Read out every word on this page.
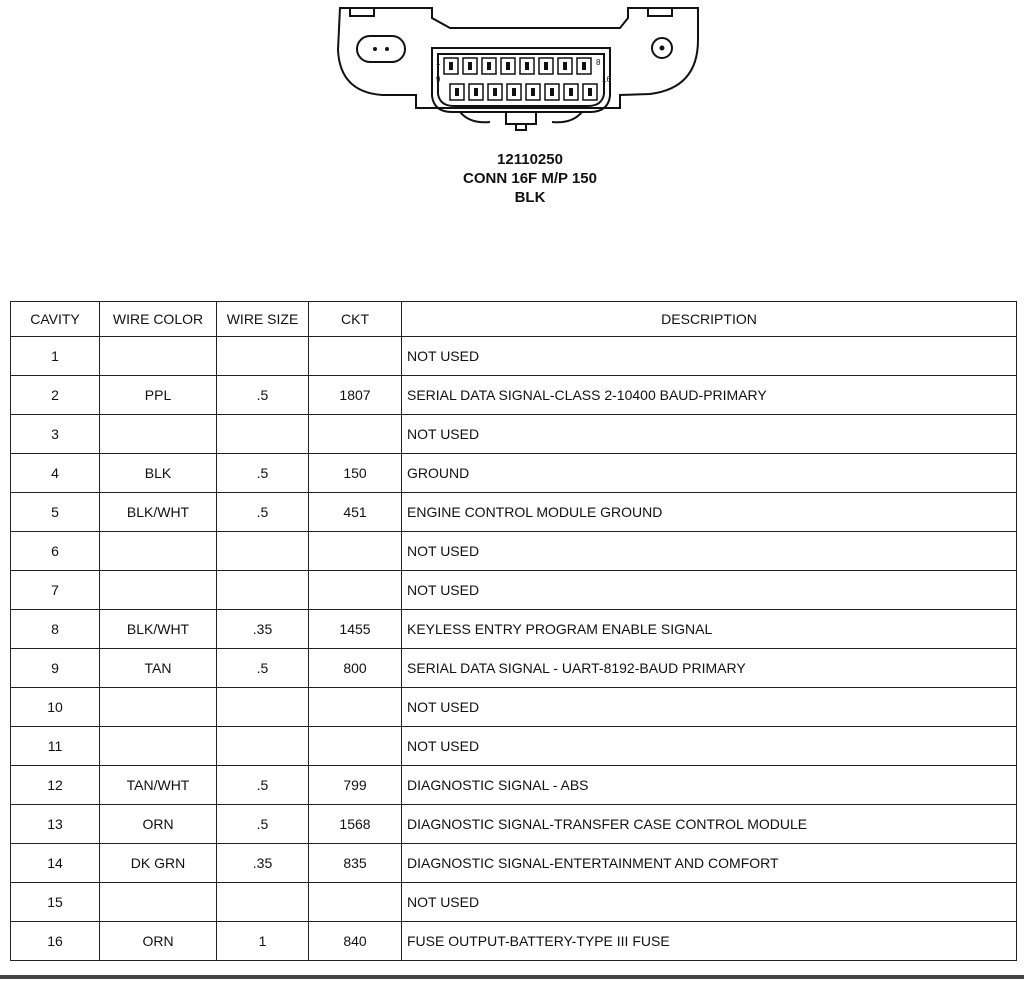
1	8
9	16
12110250
CONN 16F M/P 150
BLK
CAVITY	WIRE COLOR	WIRE SIZE	CKT	DESCRIPTION
1				NOT USED
2	PPL	.5	1807	SERIAL DATA SIGNAL-CLASS 2-10400 BAUD-PRIMARY
3				NOT USED
4	BLK	.5	150	GROUND
5	BLK/WHT	.5	451	ENGINE CONTROL MODULE GROUND
6				NOT USED
7				NOT USED
8	BLK/WHT	.35	1455	KEYLESS ENTRY PROGRAM ENABLE SIGNAL
9	TAN	.5	800	SERIAL DATA SIGNAL - UART-8192-BAUD PRIMARY
10				NOT USED
11				NOT USED
12	TAN/WHT	.5	799	DIAGNOSTIC SIGNAL - ABS
13	ORN	.5	1568	DIAGNOSTIC SIGNAL-TRANSFER CASE CONTROL MODULE
14	DK GRN	.35	835	DIAGNOSTIC SIGNAL-ENTERTAINMENT AND COMFORT
15				NOT USED
16	ORN	1	840	FUSE OUTPUT-BATTERY-TYPE III FUSE
